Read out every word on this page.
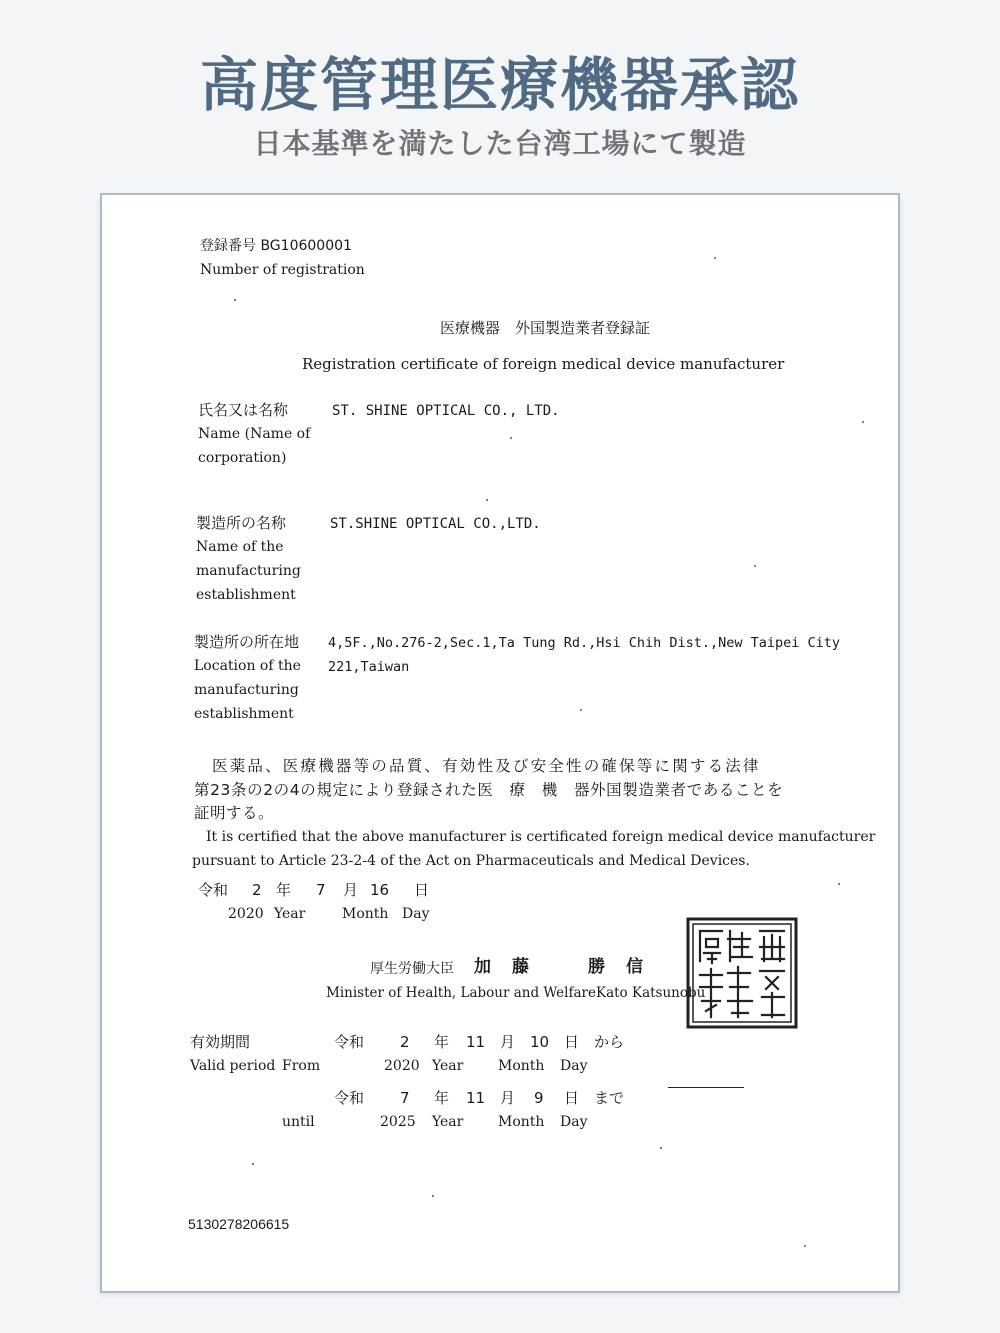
高度管理医療機器承認
日本基準を満たした台湾工場にて製造
登録番号 BG10600001
Number of registration
医療機器　外国製造業者登録証
Registration certificate of foreign medical device manufacturer
氏名又は名称
Name (Name of
corporation)
ST. SHINE OPTICAL CO., LTD.
製造所の名称
Name of the
manufacturing
establishment
ST.SHINE OPTICAL CO.,LTD.
製造所の所在地
Location of the
manufacturing
establishment
4,5F.,No.276-2,Sec.1,Ta Tung Rd.,Hsi Chih Dist.,New Taipei City
221,Taiwan
医薬品、医療機器等の品質、有効性及び安全性の確保等に関する法律
第23条の2の4の規定により登録された医　療　機　器外国製造業者であることを
証明する。
It is certified that the above manufacturer is certificated foreign medical device manufacturer
pursuant to Article 23-2-4 of the Act on Pharmaceuticals and Medical Devices.
令和 2 年 7 月 16 日
2020 Year	Month Day
厚生労働大臣 加　藤　　　勝　信
Minister of Health, Labour and Welfare Kato Katsunobu
有効期間
Valid period From
令和 2 年 11 月 10 日 から
2020 Year Month Day
令和 7 年 11 月 9 日 まで
until	2025 Year Month Day
5130278206615
